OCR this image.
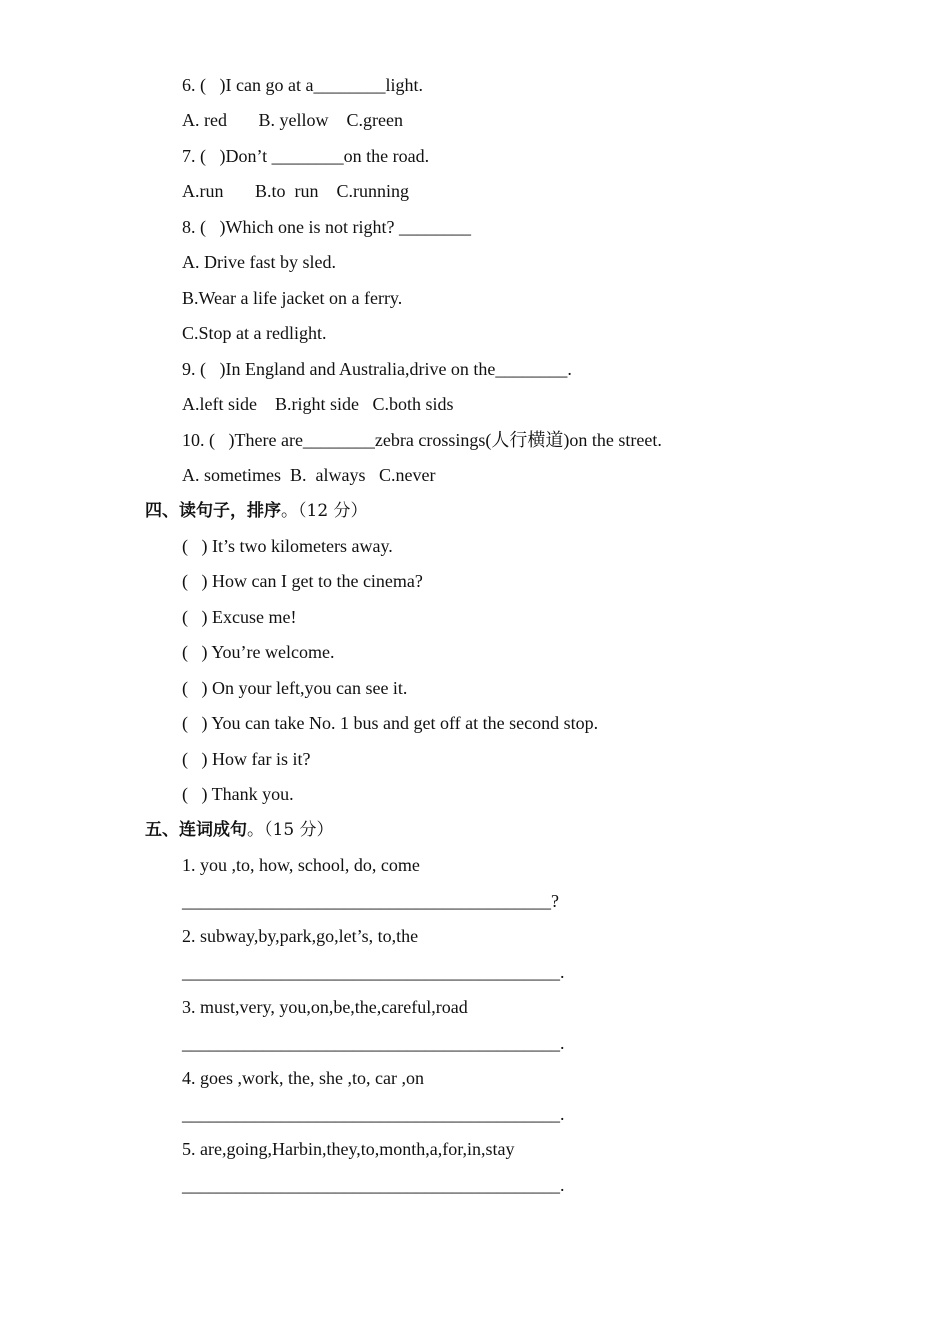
6. (   )I can go at a________light.
A. red       B. yellow    C.green
7. (   )Don’t ________on the road.
A.run       B.to  run    C.running
8. (   )Which one is not right? ________
A. Drive fast by sled.
B.Wear a life jacket on a ferry.
C.Stop at a redlight.
9. (   )In England and Australia,drive on the________.
A.left side    B.right side   C.both sids
10. (   )There are________zebra crossings(人行横道)on the street.
A. sometimes  B.  always   C.never
四、读句子，排序。（12 分）
(   ) It’s two kilometers away.
(   ) How can I get to the cinema?
(   ) Excuse me!
(   ) You’re welcome.
(   ) On your left,you can see it.
(   ) You can take No. 1 bus and get off at the second stop.
(   ) How far is it?
(   ) Thank you.
五、连词成句。（15 分）
1. you ,to, how, school, do, come
_________________________________________?
2. subway,by,park,go,let’s, to,the
__________________________________________.
3. must,very, you,on,be,the,careful,road
__________________________________________.
4. goes ,work, the, she ,to, car ,on
__________________________________________.
5. are,going,Harbin,they,to,month,a,for,in,stay
__________________________________________.
